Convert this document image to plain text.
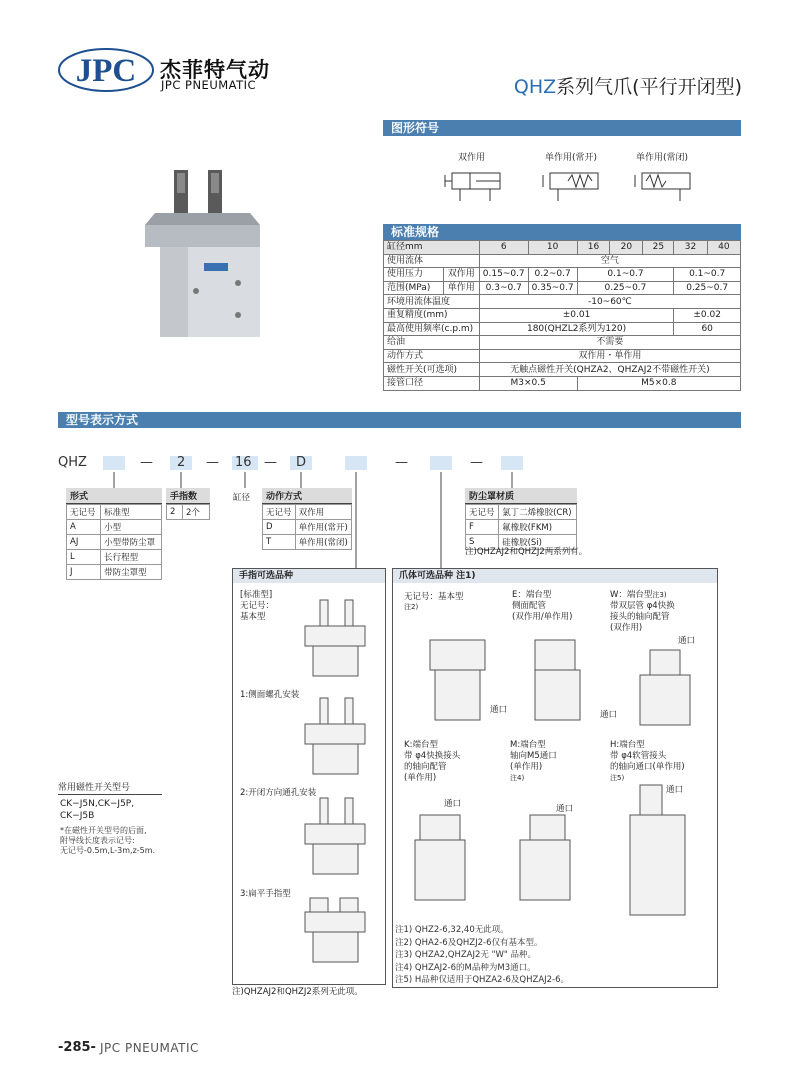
JPC 杰菲特气动
JPC PNEUMATIC	QHZ系列气爪(平行开闭型)
图形符号
双作用	单作用(常开)	单作用(常闭)
标准规格
缸径mm		6	10	16	20	25	32	40
使用流体		空气						
使用压力	双作用	0.15~0.7	0.2~0.7	0.1~0.7			0.1~0.7	
范围(MPa)	单作用	0.3~0.7	0.35~0.7	0.25~0.7			0.25~0.7	
环境用流体温度		-10~60℃						
重复精度(mm)		±0.01					±0.02	
最高使用频率(c.p.m)		180(QHZL2系列为120)					60	
给油		不需要						
动作方式		双作用・单作用						
磁性开关(可选项)		无触点磁性开关(QHZA2、QHZAJ2不带磁性开关)						
接管口径		M3×0.5		M5×0.8				
型号表示方式
QHZ	— 2 — 16 — D	—	—
形式
无记号	标准型
A	小型
AJ	小型带防尘罩
L	长行程型
J	带防尘罩型
手指数
2	2个
缸径	动作方式
无记号	双作用
D	单作用(常开)
T	单作用(常闭)
防尘罩材质
无记号	氯丁二烯橡胶(CR)
F	氟橡胶(FKM)
S	硅橡胶(Si)
注)QHZAJ2和QHZJ2两系列有。
手指可选品种
[标准型]
无记号：
基本型
1:侧面螺孔安装
2:开闭方向通孔安装
3:扁平手指型
注)QHZAJ2和QHZJ2系列无此项。
爪体可选品种 注1)
无记号：基本型
注2)
E：端台型
侧面配管
(双作用/单作用)
W：端台型注3)
带双层管 φ4快换
接头的轴向配管
(双作用)
K:端台型
带 φ4快换接头
的轴向配管
(单作用)
M:端台型
轴向M5通口
(单作用)
注4)
H:端台型
带 φ4软管接头
的轴向通口(单作用)
注5)
通口	通口
通口
通口	通口
通口
注1) QHZ2-6,32,40无此项。
注2) QHA2-6及QHZJ2-6仅有基本型。
注3) QHZA2,QHZAJ2无 "W" 品种。
注4) QHZAJ2-6的M品种为M3通口。
注5) H品种仅适用于QHZA2-6及QHZAJ2-6。
常用磁性开关型号
CK−J5N,CK−J5P,
CK−J5B
*在磁性开关型号的后面,
附导线长度表示记号:
无记号-0.5m,L-3m,z-5m.
-285- JPC PNEUMATIC
